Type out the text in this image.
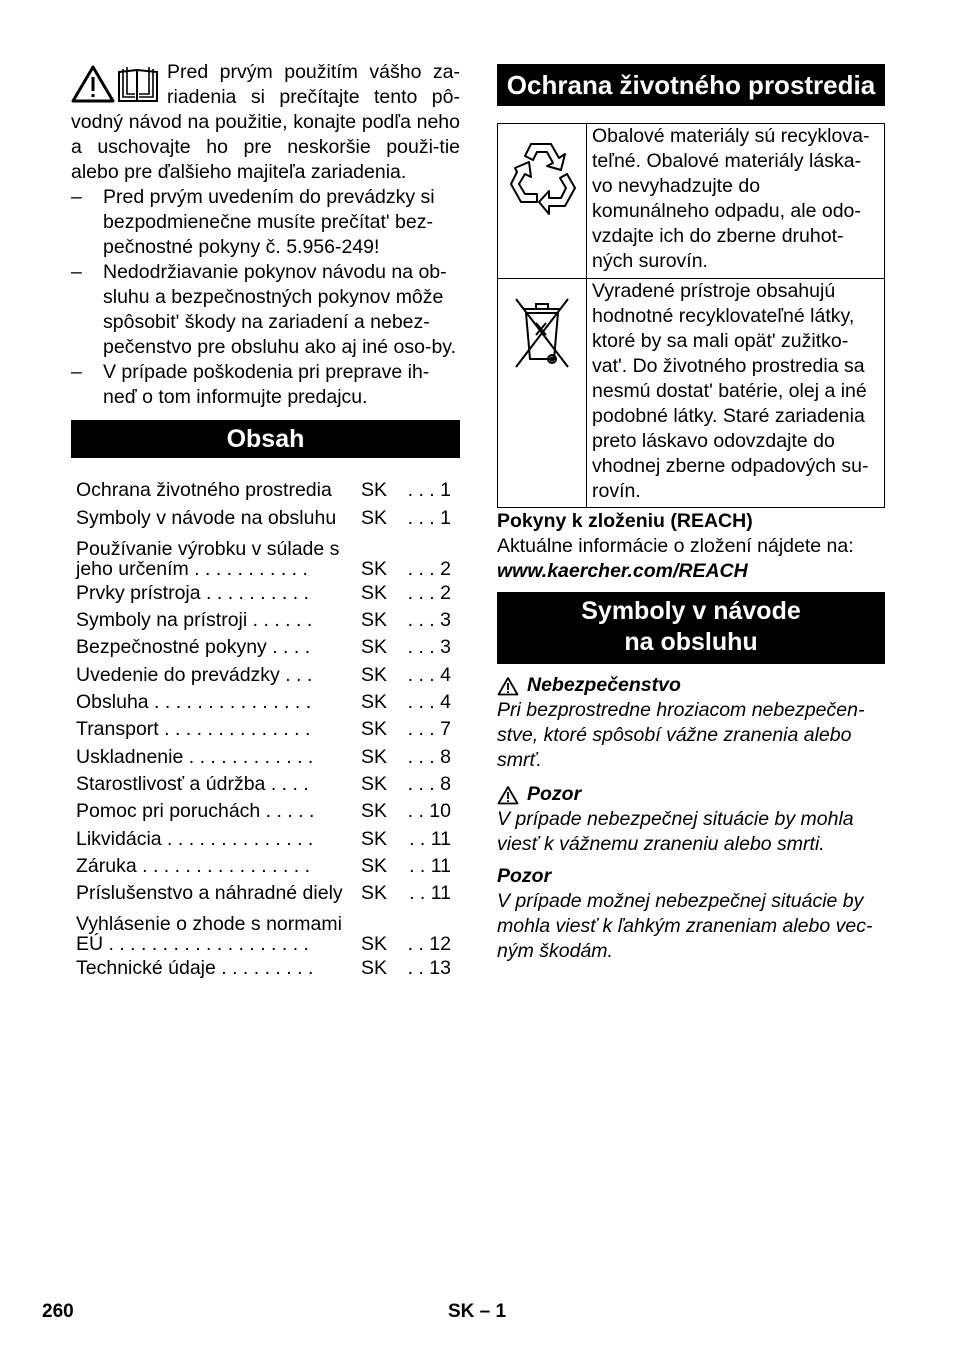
Pred prvým použitím vášho za-riadenia si prečítajte tento pô-vodný návod na použitie, konajte podľa neho a uschovajte ho pre neskoršie použi-tie alebo pre ďalšieho majiteľa zariadenia.

– Pred prvým uvedením do prevádzky si bezpodmienečne musíte prečítat' bez-pečnostné pokyny č. 5.956-249!
– Nedodržiavanie pokynov návodu na ob-sluhu a bezpečnostných pokynov môže spôsobit' škody na zariadení a nebez-pečenstvo pre obsluhu ako aj iné oso-by.
– V prípade poškodenia pri preprave ih-neď o tom informujte predajcu.
Obsah
Ochrana životného prostredia	SK	. . . 1
Symboly v návode na obsluhu	SK	. . . 1
Používanie výrobku v súlade s jeho určením . . . . . . . . . . .	SK	. . . 2
Prvky prístroja . . . . . . . . . .	SK	. . . 2
Symboly na prístroji . . . . . .	SK	. . . 3
Bezpečnostné pokyny . . . .	SK	. . . 3
Uvedenie do prevádzky . . .	SK	. . . 4
Obsluha . . . . . . . . . . . . . . .	SK	. . . 4
Transport . . . . . . . . . . . . . .	SK	. . . 7
Uskladnenie . . . . . . . . . . . .	SK	. . . 8
Starostlivosť a údržba . . . .	SK	. . . 8
Pomoc pri poruchách . . . . .	SK	. . 10
Likvidácia . . . . . . . . . . . . . .	SK	. . 11
Záruka . . . . . . . . . . . . . . . .	SK	. . 11
Príslušenstvo a náhradné diely	SK	. . 11
Vyhlásenie o zhode s normami EÚ . . . . . . . . . . . . . . . . . . .	SK	. . 12
Technické údaje . . . . . . . . .	SK	. . 13
Ochrana životného prostredia
	Obalové materiály sú recyklova-teľné. Obalové materiály láska-vo nevyhadzujte do komunálneho odpadu, ale odo-vzdajte ich do zberne druhot-ných surovín.
	Vyradené prístroje obsahujú hodnotné recyklovateľné látky, ktoré by sa mali opät' zužitko-vat'. Do životného prostredia sa nesmú dostat' batérie, olej a iné podobné látky. Staré zariadenia preto láskavo odovzdajte do vhodnej zberne odpadových su-rovín.
Pokyny k zloženiu (REACH)
Aktuálne informácie o zložení nájdete na:
www.kaercher.com/REACH
Symboly v návode
na obsluhu
Nebezpečenstvo
Pri bezprostredne hroziacom nebezpečen-stve, ktoré spôsobí vážne zranenia alebo smrť.
Pozor
V prípade nebezpečnej situácie by mohla viesť k vážnemu zraneniu alebo smrti.
Pozor
V prípade možnej nebezpečnej situácie by mohla viesť k ľahkým zraneniam alebo vec-ným škodám.
260	SK – 1
